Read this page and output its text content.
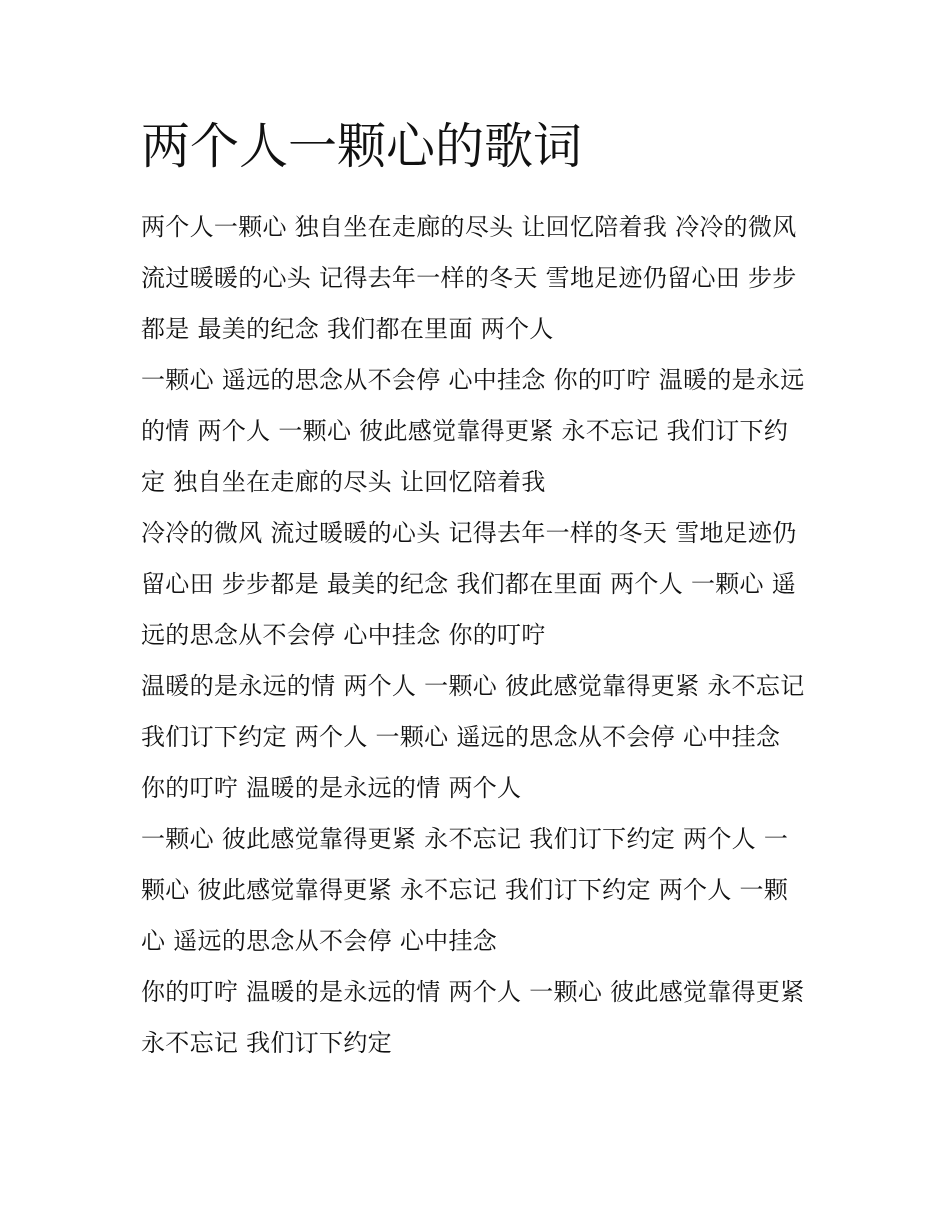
两个人一颗心的歌词

两个人一颗心 独自坐在走廊的尽头 让回忆陪着我 冷冷的微风 流过暖暖的心头 记得去年一样的冬天 雪地足迹仍留心田 步步都是 最美的纪念 我们都在里面 两个人

一颗心 遥远的思念从不会停 心中挂念 你的叮咛 温暖的是永远的情 两个人 一颗心 彼此感觉靠得更紧 永不忘记 我们订下约定 独自坐在走廊的尽头 让回忆陪着我

冷冷的微风 流过暖暖的心头 记得去年一样的冬天 雪地足迹仍留心田 步步都是 最美的纪念 我们都在里面 两个人 一颗心 遥远的思念从不会停 心中挂念 你的叮咛

温暖的是永远的情 两个人 一颗心 彼此感觉靠得更紧 永不忘记 我们订下约定 两个人 一颗心 遥远的思念从不会停 心中挂念 你的叮咛 温暖的是永远的情 两个人

一颗心 彼此感觉靠得更紧 永不忘记 我们订下约定 两个人 一颗心 彼此感觉靠得更紧 永不忘记 我们订下约定 两个人 一颗心 遥远的思念从不会停 心中挂念

你的叮咛 温暖的是永远的情 两个人 一颗心 彼此感觉靠得更紧 永不忘记 我们订下约定
